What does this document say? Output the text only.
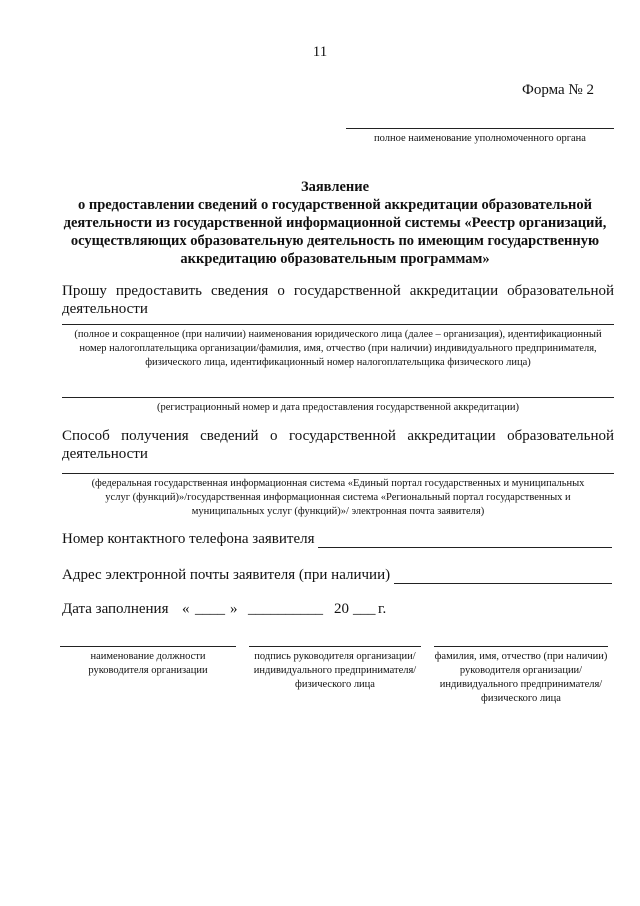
11
Форма № 2
полное наименование уполномоченного органа
Заявление
о предоставлении сведений о государственной аккредитации образовательной деятельности из государственной информационной системы «Реестр организаций, осуществляющих образовательную деятельность по имеющим государственную аккредитацию образовательным программам»
Прошу предоставить сведения о государственной аккредитации образовательной деятельности
(полное и сокращенное (при наличии) наименования юридического лица (далее – организация), идентификационный номер налогоплательщика организации/фамилия, имя, отчество (при наличии) индивидуального предпринимателя, физического лица, идентификационный номер налогоплательщика физического лица)
(регистрационный номер и дата предоставления государственной аккредитации)
Способ получения сведений о государственной аккредитации образовательной деятельности
(федеральная государственная информационная система «Единый портал государственных и муниципальных услуг (функций)»/государственная информационная система «Региональный портал государственных и муниципальных услуг (функций)»/ электронная почта заявителя)
Номер контактного телефона заявителя
Адрес электронной почты заявителя (при наличии)
Дата заполнения « ____ » __________ 20 ___ г.
наименование должности руководителя организации
подпись руководителя организации/индивидуального предпринимателя/ физического лица
фамилия, имя, отчество (при наличии) руководителя организации/ индивидуального предпринимателя/ физического лица
